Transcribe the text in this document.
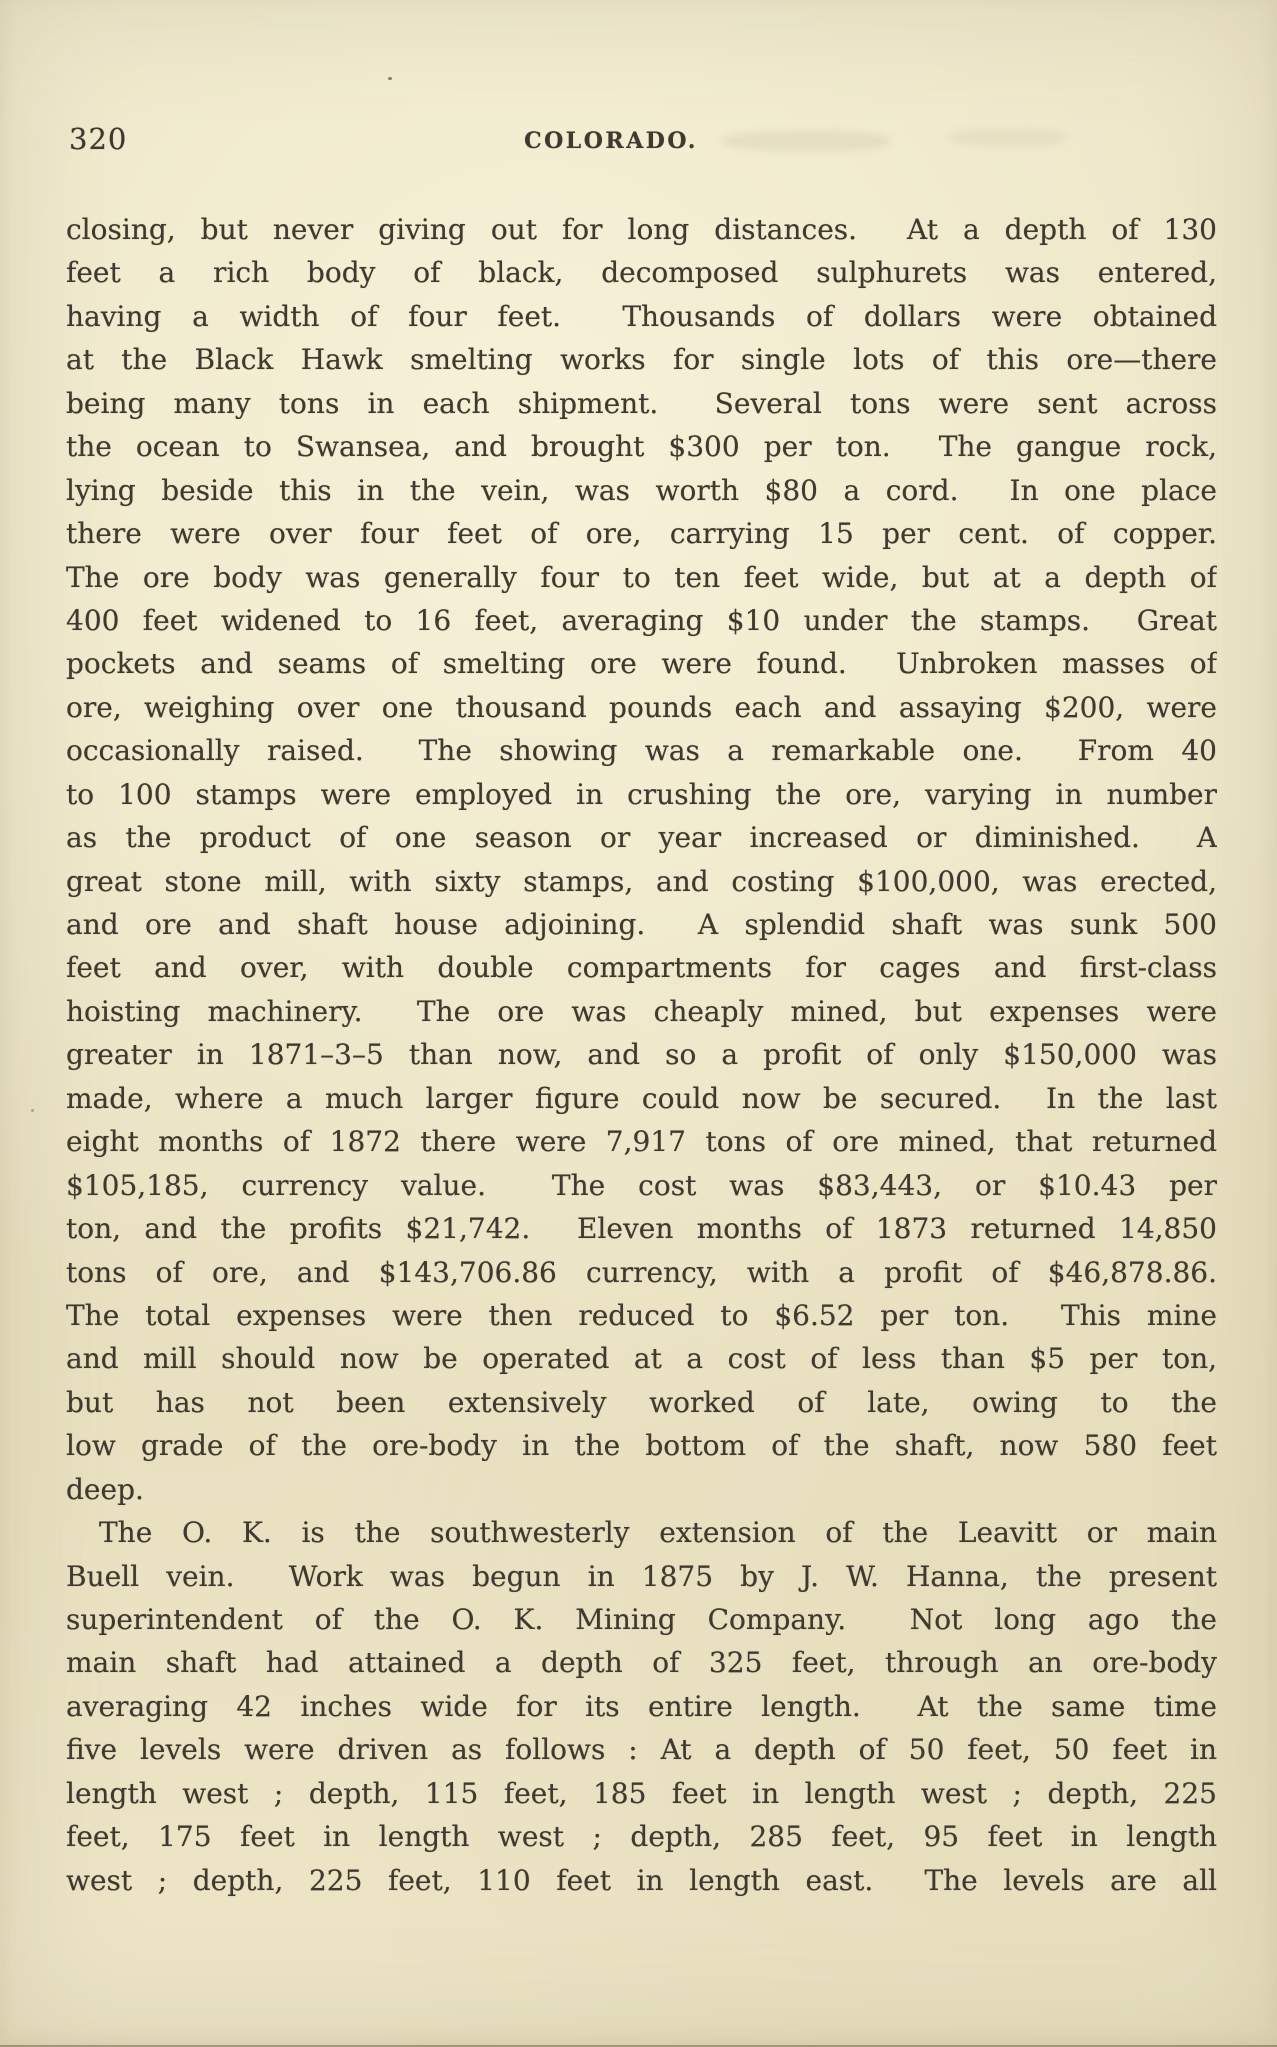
320	COLORADO.
closing, but never giving out for long distances.  At a depth of 130
feet a rich body of black, decomposed sulphurets was entered,
having a width of four feet.  Thousands of dollars were obtained
at the Black Hawk smelting works for single lots of this ore—there
being many tons in each shipment.  Several tons were sent across
the ocean to Swansea, and brought $300 per ton.  The gangue rock,
lying beside this in the vein, was worth $80 a cord.  In one place
there were over four feet of ore, carrying 15 per cent. of copper.
The ore body was generally four to ten feet wide, but at a depth of
400 feet widened to 16 feet, averaging $10 under the stamps.  Great
pockets and seams of smelting ore were found.  Unbroken masses of
ore, weighing over one thousand pounds each and assaying $200, were
occasionally raised.  The showing was a remarkable one.  From 40
to 100 stamps were employed in crushing the ore, varying in number
as the product of one season or year increased or diminished.  A
great stone mill, with sixty stamps, and costing $100,000, was erected,
and ore and shaft house adjoining.  A splendid shaft was sunk 500
feet and over, with double compartments for cages and first-class
hoisting machinery.  The ore was cheaply mined, but expenses were
greater in 1871–3–5 than now, and so a profit of only $150,000 was
made, where a much larger figure could now be secured.  In the last
eight months of 1872 there were 7,917 tons of ore mined, that returned
$105,185, currency value.  The cost was $83,443, or $10.43 per
ton, and the profits $21,742.  Eleven months of 1873 returned 14,850
tons of ore, and $143,706.86 currency, with a profit of $46,878.86.
The total expenses were then reduced to $6.52 per ton.  This mine
and mill should now be operated at a cost of less than $5 per ton,
but has not been extensively worked of late, owing to the
low grade of the ore-body in the bottom of the shaft, now 580 feet
deep.
The O. K. is the southwesterly extension of the Leavitt or main
Buell vein.  Work was begun in 1875 by J. W. Hanna, the present
superintendent of the O. K. Mining Company.  Not long ago the
main shaft had attained a depth of 325 feet, through an ore-body
averaging 42 inches wide for its entire length.  At the same time
five levels were driven as follows : At a depth of 50 feet, 50 feet in
length west ; depth, 115 feet, 185 feet in length west ; depth, 225
feet, 175 feet in length west ; depth, 285 feet, 95 feet in length
west ; depth, 225 feet, 110 feet in length east.  The levels are all
